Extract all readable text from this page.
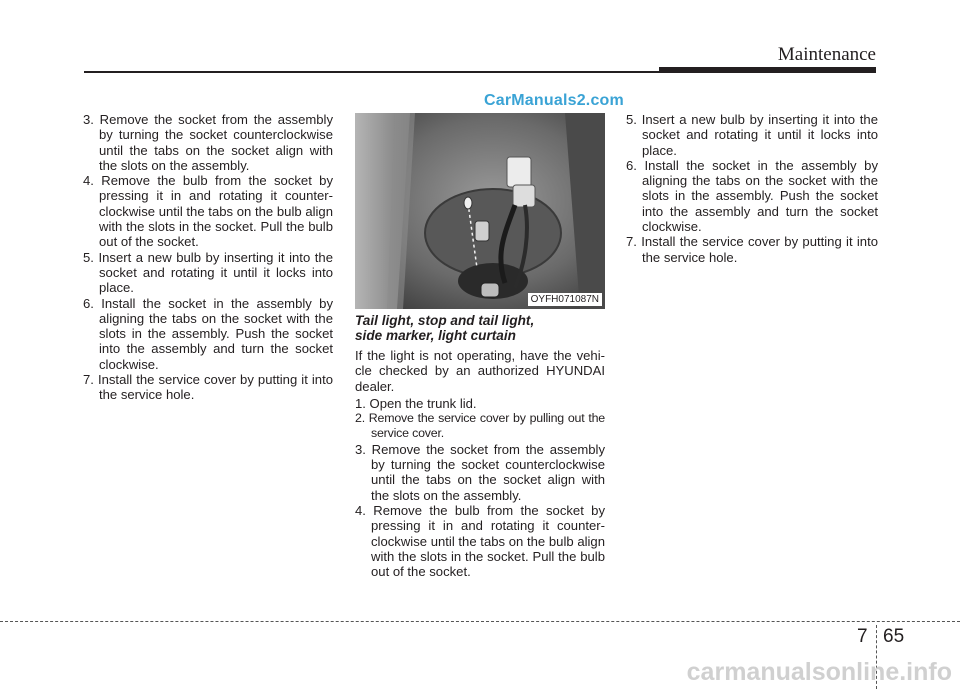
Maintenance
CarManuals2.com

3. Remove the socket from the assembly by turning the socket counterclockwise until the tabs on the socket align with the slots on the assembly.

4. Remove the bulb from the socket by pressing it in and rotating it counter-clockwise until the tabs on the bulb align with the slots in the socket. Pull the bulb out of the socket.

5. Insert a new bulb by inserting it into the socket and rotating it until it locks into place.

6. Install the socket in the assembly by aligning the tabs on the socket with the slots in the assembly. Push the socket into the assembly and turn the socket clockwise.

7. Install the service cover by putting it into the service hole.

OYFH071087N
Tail light, stop and tail light,
side marker, light curtain

If the light is not operating, have the vehi-cle checked by an authorized HYUNDAI dealer.

1. Open the trunk lid.

2. Remove the service cover by pulling out the service cover.

3. Remove the socket from the assembly by turning the socket counterclockwise until the tabs on the socket align with the slots on the assembly.

4. Remove the bulb from the socket by pressing it in and rotating it counter-clockwise until the tabs on the bulb align with the slots in the socket. Pull the bulb out of the socket.

5. Insert a new bulb by inserting it into the socket and rotating it until it locks into place.

6. Install the socket in the assembly by aligning the tabs on the socket with the slots in the assembly. Push the socket into the assembly and turn the socket clockwise.

7. Install the service cover by putting it into the service hole.

7 65
carmanualsonline.info
